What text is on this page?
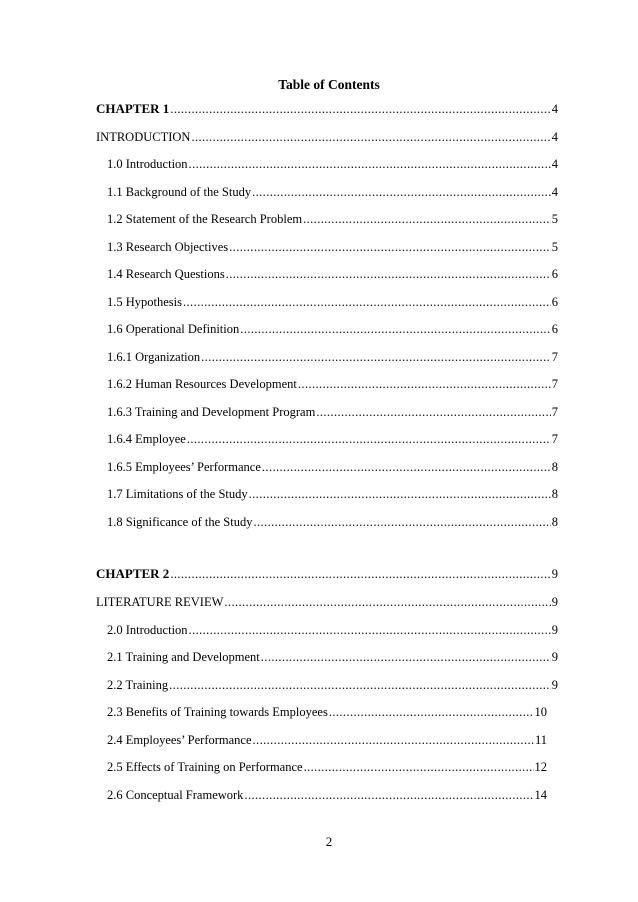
Table of Contents
CHAPTER 1 .....	4
INTRODUCTION .....	4
1.0 Introduction .....	4
1.1 Background of the Study .....	4
1.2 Statement of the Research Problem .....	5
1.3 Research Objectives .....	5
1.4 Research Questions .....	6
1.5 Hypothesis .....	6
1.6 Operational Definition .....	6
1.6.1 Organization .....	7
1.6.2 Human Resources Development .....	7
1.6.3 Training and Development Program .....	7
1.6.4 Employee .....	7
1.6.5 Employees’ Performance .....	8
1.7 Limitations of the Study .....	8
1.8 Significance of the Study .....	8
CHAPTER 2 .....	9
LITERATURE REVIEW .....	9
2.0 Introduction .....	9
2.1 Training and Development .....	9
2.2 Training .....	9
2.3 Benefits of Training towards Employees .....	10
2.4 Employees’ Performance .....	11
2.5 Effects of Training on Performance .....	12
2.6 Conceptual Framework .....	14
2
